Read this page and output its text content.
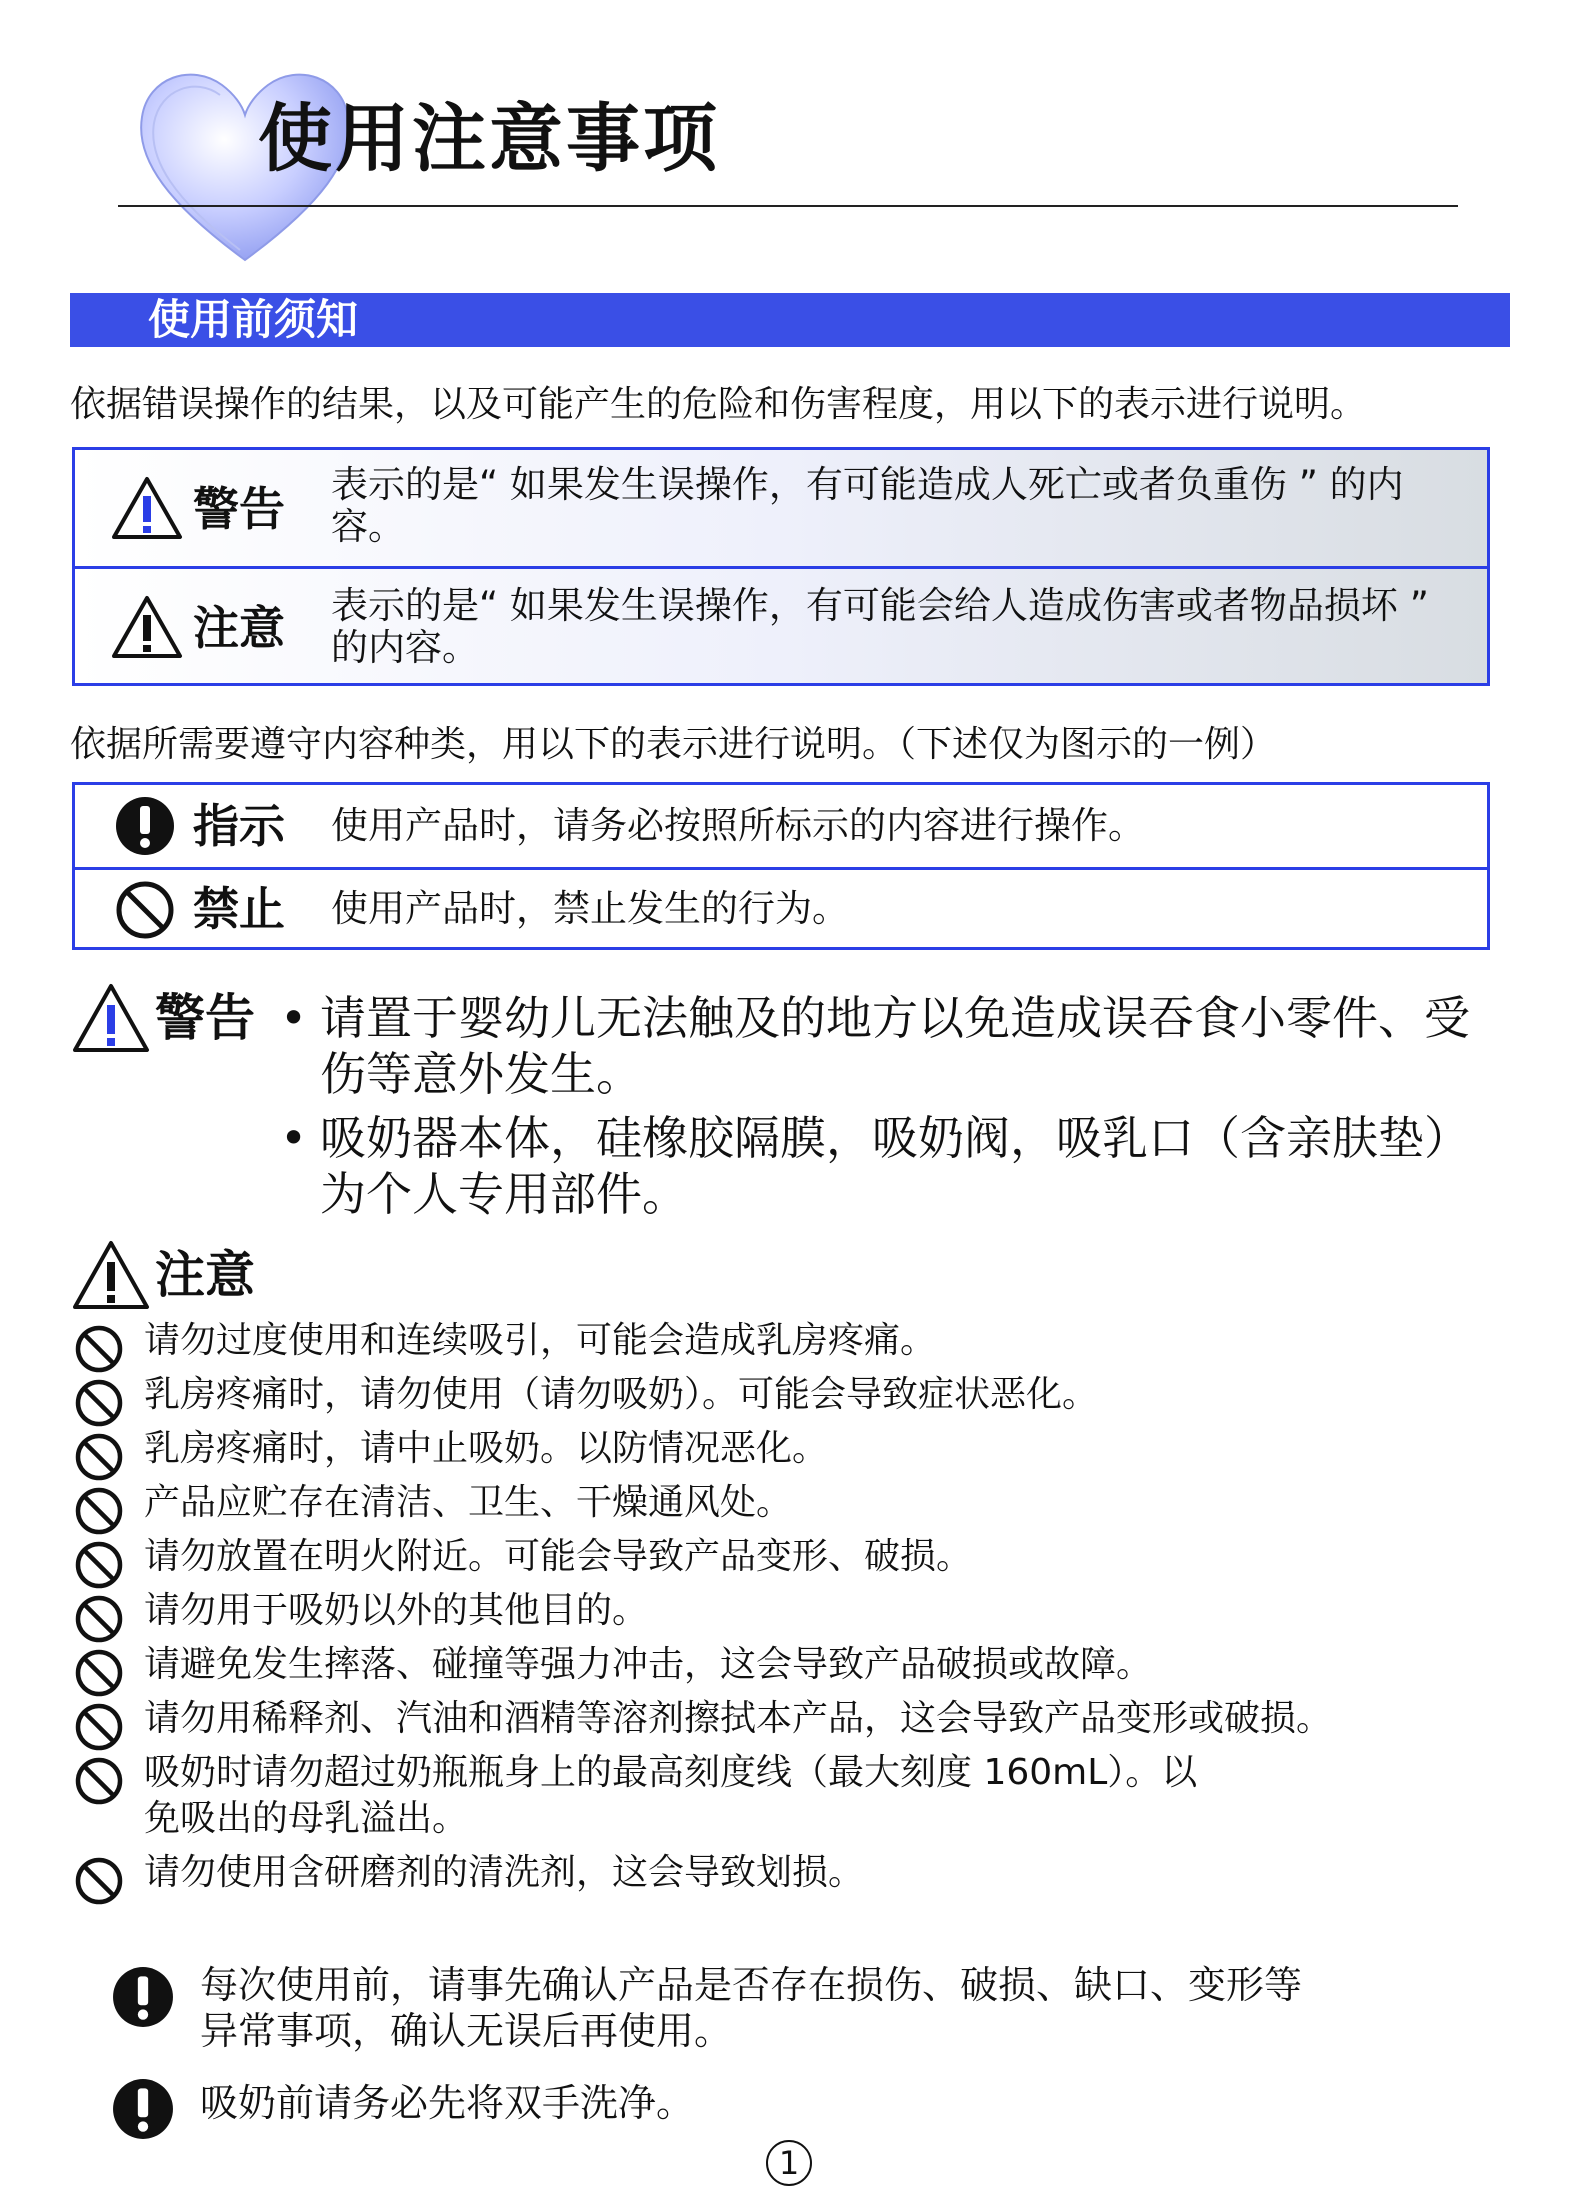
使用注意事项
使用前须知
依据错误操作的结果，以及可能产生的危险和伤害程度，用以下的表示进行说明。
警告 表示的是“ 如果发生误操作，有可能造成人死亡或者负重伤 ” 的内容。
注意 表示的是“ 如果发生误操作，有可能会给人造成伤害或者物品损坏 ” 的内容。
依据所需要遵守内容种类，用以下的表示进行说明。（下述仅为图示的一例）
指示 使用产品时，请务必按照所标示的内容进行操作。
禁止 使用产品时，禁止发生的行为。
警告 • 请置于婴幼儿无法触及的地方以免造成误吞食小零件、受伤等意外发生。
• 吸奶器本体，硅橡胶隔膜，吸奶阀，吸乳口（含亲肤垫）为个人专用部件。
注意
请勿过度使用和连续吸引，可能会造成乳房疼痛。
乳房疼痛时，请勿使用（请勿吸奶）。可能会导致症状恶化。
乳房疼痛时，请中止吸奶。以防情况恶化。
产品应贮存在清洁、卫生、干燥通风处。
请勿放置在明火附近。可能会导致产品变形、破损。
请勿用于吸奶以外的其他目的。
请避免发生摔落、碰撞等强力冲击，这会导致产品破损或故障。
请勿用稀释剂、汽油和酒精等溶剂擦拭本产品，这会导致产品变形或破损。
吸奶时请勿超过奶瓶瓶身上的最高刻度线（最大刻度 160mL）。以免吸出的母乳溢出。
请勿使用含研磨剂的清洗剂，这会导致划损。
每次使用前，请事先确认产品是否存在损伤、破损、缺口、变形等异常事项，确认无误后再使用。
吸奶前请务必先将双手洗净。
1
